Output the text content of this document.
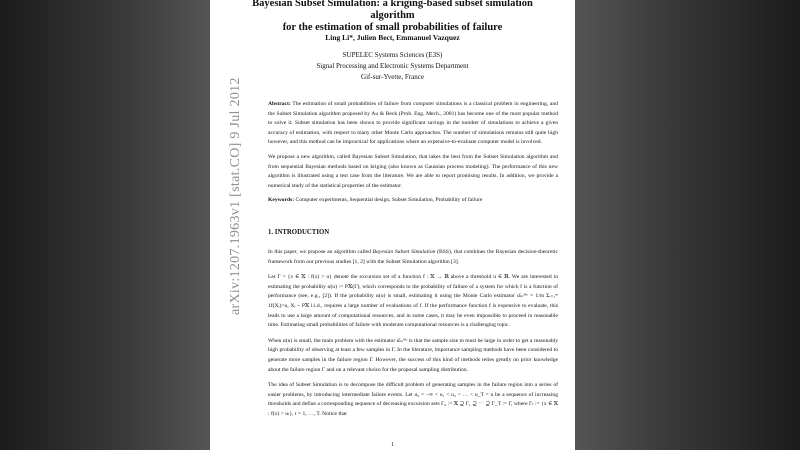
Bayesian Subset Simulation: a kriging-based subset simulation algorithm
for the estimation of small probabilities of failure
Ling Li*, Julien Bect, Emmanuel Vazquez
SUPELEC Systems Sciences (E3S)
Signal Processing and Electronic Systems Department
Gif-sur-Yvette, France

Abstract: The estimation of small probabilities of failure from computer simulations is a classical problem in engineering, and the Subset Simulation algorithm proposed by Au & Beck (Prob. Eng. Mech., 2001) has become one of the most popular method to solve it. Subset simulation has been shown to provide significant savings in the number of simulations to achieve a given accuracy of estimation, with respect to many other Monte Carlo approaches. The number of simulations remains still quite high however, and this method can be impractical for applications where an expensive-to-evaluate computer model is involved.

We propose a new algorithm, called Bayesian Subset Simulation, that takes the best from the Subset Simulation algorithm and from sequential Bayesian methods based on kriging (also known as Gaussian process modeling). The performance of this new algorithm is illustrated using a test case from the literature. We are able to report promising results. In addition, we provide a numerical study of the statistical properties of the estimator.

Keywords: Computer experiments, Sequential design, Subset Simulation, Probability of failure

1. INTRODUCTION

In this paper, we propose an algorithm called Bayesian Subset Simulation (BSS), that combines the Bayesian decision-theoretic framework from our previous studies [1, 2] with the Subset Simulation algorithm [3].

Let Γ = {x ∈ 𝕏 : f(x) > u} denote the excursion set of a function f : 𝕏 → ℝ above a threshold u ∈ ℝ. We are interested in estimating the probability α(u) := P𝕏(Γ), which corresponds to the probability of failure of a system for which f is a function of performance (see, e.g., [2]). If the probability α(u) is small, estimating it using the Monte Carlo estimator α̂ₘᴹᶜ = 1/m Σᵢ₌₁ᵐ 1f(Xᵢ)>u, Xᵢ ~ P𝕏 i.i.d., requires a large number of evaluations of f. If the performance function f is expensive to evaluate, this leads to use a large amount of computational resources, and in some cases, it may be even impossible to proceed in reasonable time. Estimating small probabilities of failure with moderate computational resources is a challenging topic.

When α(u) is small, the main problem with the estimator α̂ₘᴹᶜ is that the sample size m must be large in order to get a reasonably high probability of observing at least a few samples in Γ. In the literature, importance sampling methods have been considered to generate more samples in the failure region Γ. However, the success of this kind of methods relies greatly on prior knowledge about the failure region Γ and on a relevant choice for the proposal sampling distribution.

The idea of Subset Simulation is to decompose the difficult problem of generating samples in the failure region into a series of easier problems, by introducing intermediate failure events. Let u₀ = −∞ < u₁ < u₂ < … < u_T = u be a sequence of increasing thresholds and define a corresponding sequence of decreasing excursion sets Γ₀ := 𝕏 ⊇ Γ₁ ⊇ ⋯ ⊇ Γ_T := Γ, where Γₜ := {x ∈ 𝕏 : f(x) > uₜ}, t = 1, …, T. Notice that

1
arXiv:1207.1963v1 [stat.CO] 9 Jul 2012
